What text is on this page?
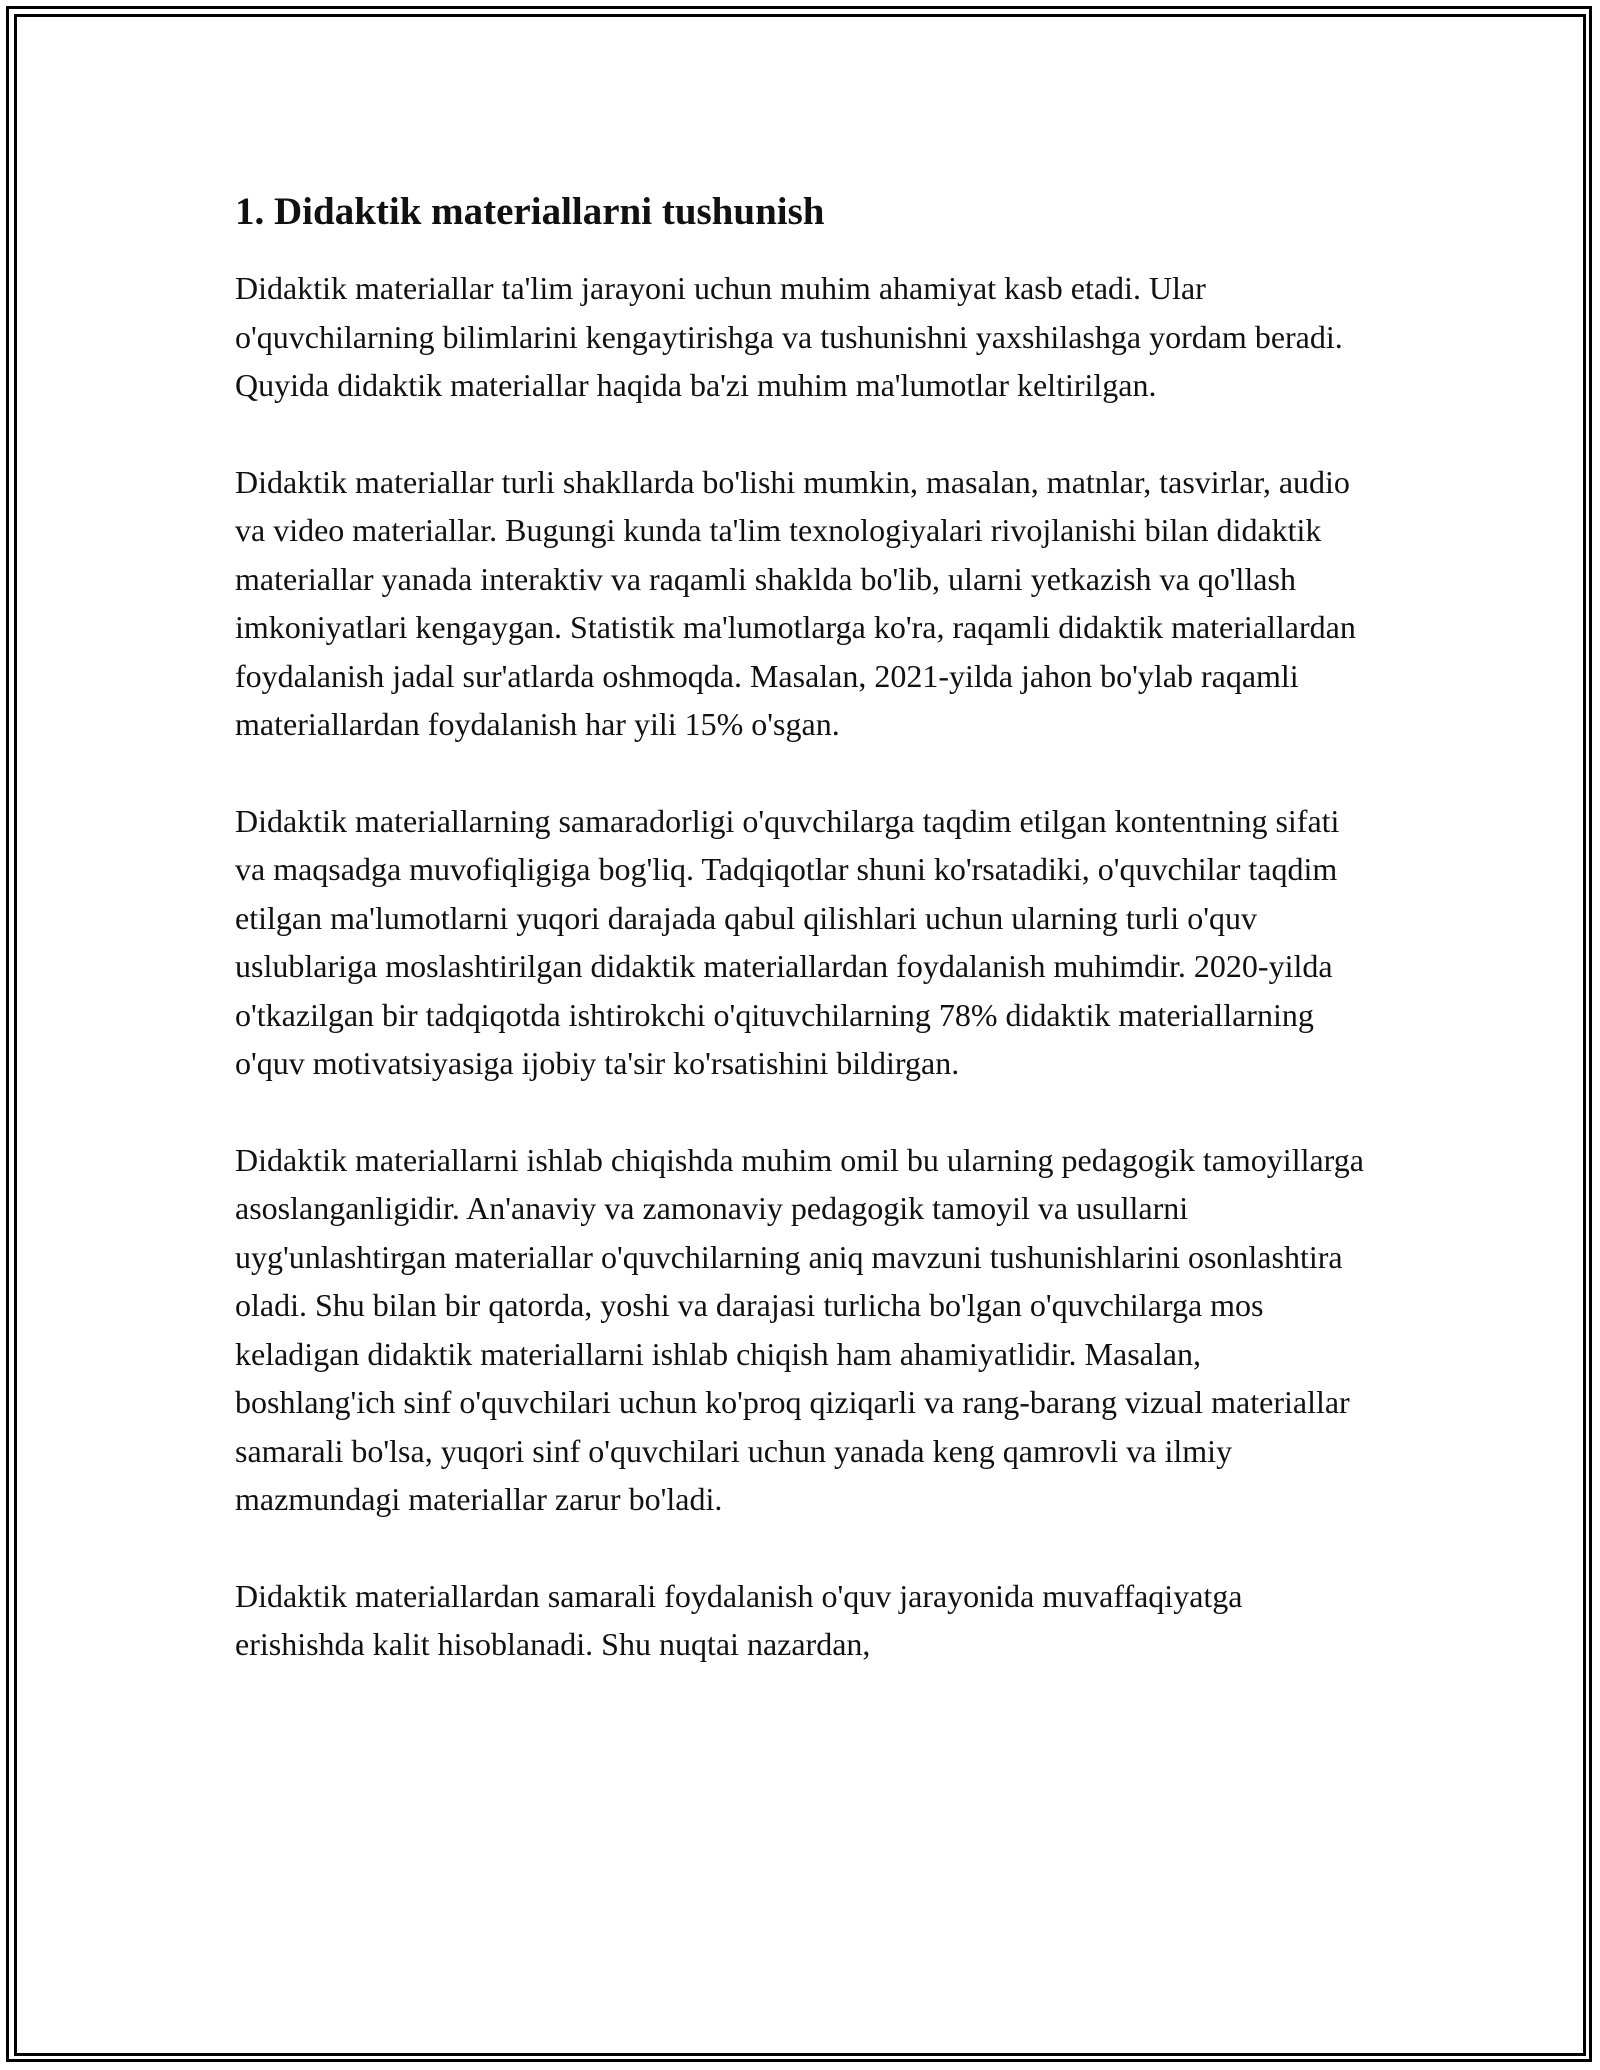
1. Didaktik materiallarni tushunish

Didaktik materiallar ta'lim jarayoni uchun muhim ahamiyat kasb etadi. Ular o'quvchilarning bilimlarini kengaytirishga va tushunishni yaxshilashga yordam beradi. Quyida didaktik materiallar haqida ba'zi muhim ma'lumotlar keltirilgan.

Didaktik materiallar turli shakllarda bo'lishi mumkin, masalan, matnlar, tasvirlar, audio va video materiallar. Bugungi kunda ta'lim texnologiyalari rivojlanishi bilan didaktik materiallar yanada interaktiv va raqamli shaklda bo'lib, ularni yetkazish va qo'llash imkoniyatlari kengaygan. Statistik ma'lumotlarga ko'ra, raqamli didaktik materiallardan foydalanish jadal sur'atlarda oshmoqda. Masalan, 2021-yilda jahon bo'ylab raqamli materiallardan foydalanish har yili 15% o'sgan.

Didaktik materiallarning samaradorligi o'quvchilarga taqdim etilgan kontentning sifati va maqsadga muvofiqligiga bog'liq. Tadqiqotlar shuni ko'rsatadiki, o'quvchilar taqdim etilgan ma'lumotlarni yuqori darajada qabul qilishlari uchun ularning turli o'quv uslublariga moslashtirilgan didaktik materiallardan foydalanish muhimdir. 2020-yilda o'tkazilgan bir tadqiqotda ishtirokchi o'qituvchilarning 78% didaktik materiallarning o'quv motivatsiyasiga ijobiy ta'sir ko'rsatishini bildirgan.

Didaktik materiallarni ishlab chiqishda muhim omil bu ularning pedagogik tamoyillarga asoslanganligidir. An'anaviy va zamonaviy pedagogik tamoyil va usullarni uyg'unlashtirgan materiallar o'quvchilarning aniq mavzuni tushunishlarini osonlashtira oladi. Shu bilan bir qatorda, yoshi va darajasi turlicha bo'lgan o'quvchilarga mos keladigan didaktik materiallarni ishlab chiqish ham ahamiyatlidir. Masalan, boshlang'ich sinf o'quvchilari uchun ko'proq qiziqarli va rang-barang vizual materiallar samarali bo'lsa, yuqori sinf o'quvchilari uchun yanada keng qamrovli va ilmiy mazmundagi materiallar zarur bo'ladi.

Didaktik materiallardan samarali foydalanish o'quv jarayonida muvaffaqiyatga erishishda kalit hisoblanadi. Shu nuqtai nazardan,
